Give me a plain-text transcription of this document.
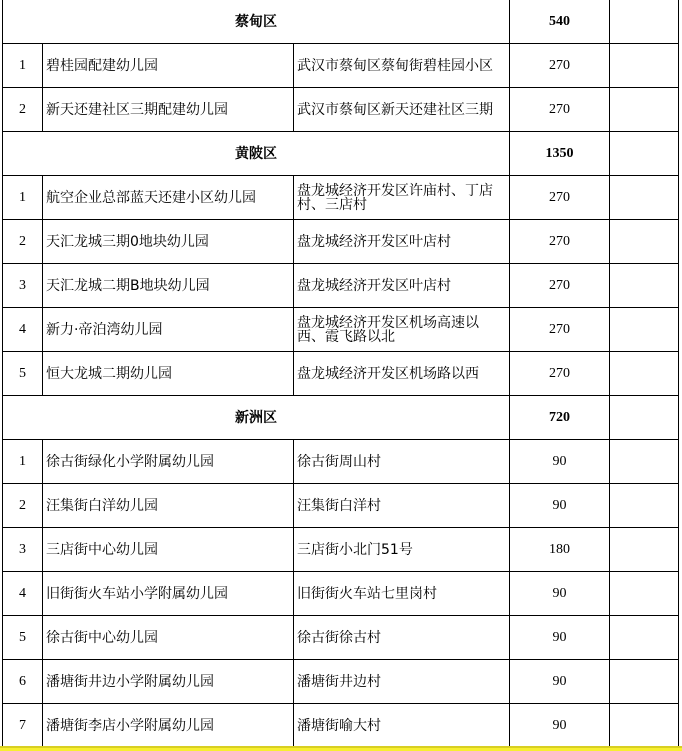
蔡甸区			540	
1	碧桂园配建幼儿园	武汉市蔡甸区蔡甸街碧桂园小区	270	
2	新天还建社区三期配建幼儿园	武汉市蔡甸区新天还建社区三期	270	
黄陂区			1350	
1	航空企业总部蓝天还建小区幼儿园	盘龙城经济开发区许庙村、丁店村、三店村	270	
2	天汇龙城三期0地块幼儿园	盘龙城经济开发区叶店村	270	
3	天汇龙城二期B地块幼儿园	盘龙城经济开发区叶店村	270	
4	新力·帝泊湾幼儿园	盘龙城经济开发区机场高速以西、霞飞路以北	270	
5	恒大龙城二期幼儿园	盘龙城经济开发区机场路以西	270	
新洲区			720	
1	徐古街绿化小学附属幼儿园	徐古街周山村	90	
2	汪集街白洋幼儿园	汪集街白洋村	90	
3	三店街中心幼儿园	三店街小北门51号	180	
4	旧街街火车站小学附属幼儿园	旧街街火车站七里岗村	90	
5	徐古街中心幼儿园	徐古街徐古村	90	
6	潘塘街井边小学附属幼儿园	潘塘街井边村	90	
7	潘塘街李店小学附属幼儿园	潘塘街喻大村	90	
